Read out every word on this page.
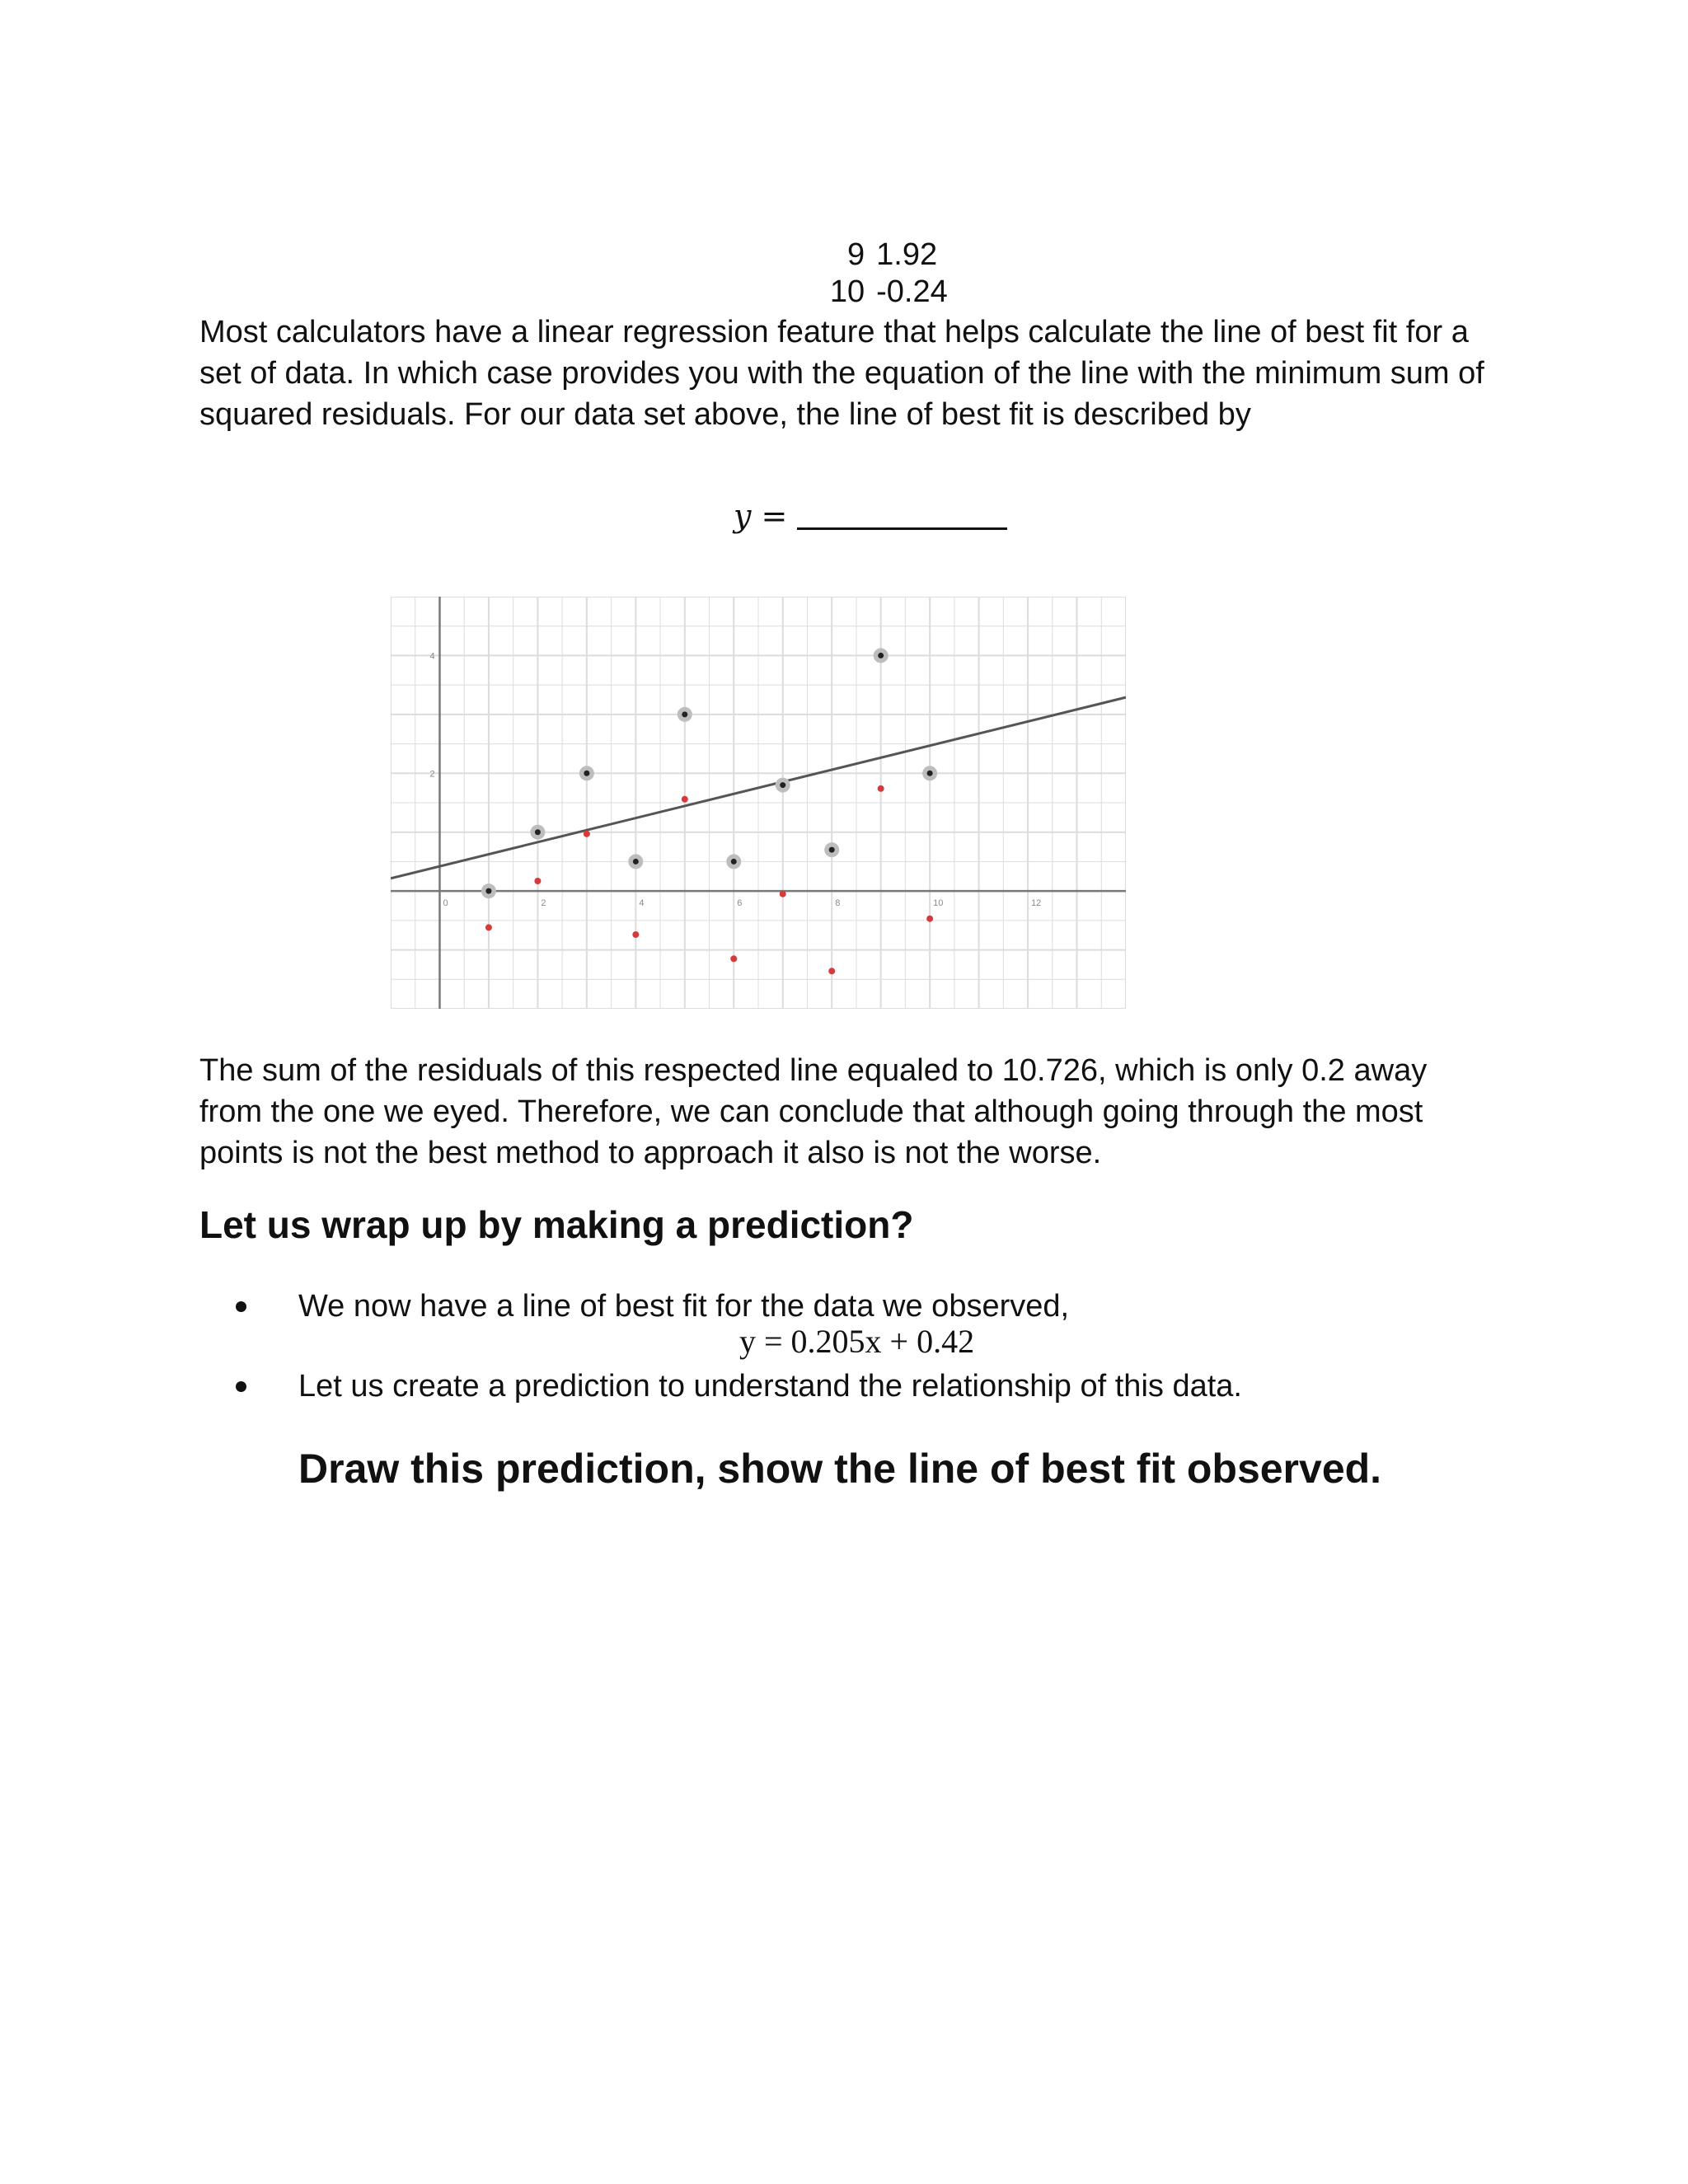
9 1.92

10 -0.24

Most calculators have a linear regression feature that helps calculate the line of best fit for a set of data. In which case provides you with the equation of the line with the minimum sum of squared residuals. For our data set above, the line of best fit is described by

y =
0	2	4	6	8	10	12
2
4

The sum of the residuals of this respected line equaled to 10.726, which is only 0.2 away from the one we eyed. Therefore, we can conclude that although going through the most points is not the best method to approach it also is not the worse.

Let us wrap up by making a prediction?
We now have a line of best fit for the data we observed,
y = 0.205x + 0.42
Let us create a prediction to understand the relationship of this data.
Draw this prediction, show the line of best fit observed.
